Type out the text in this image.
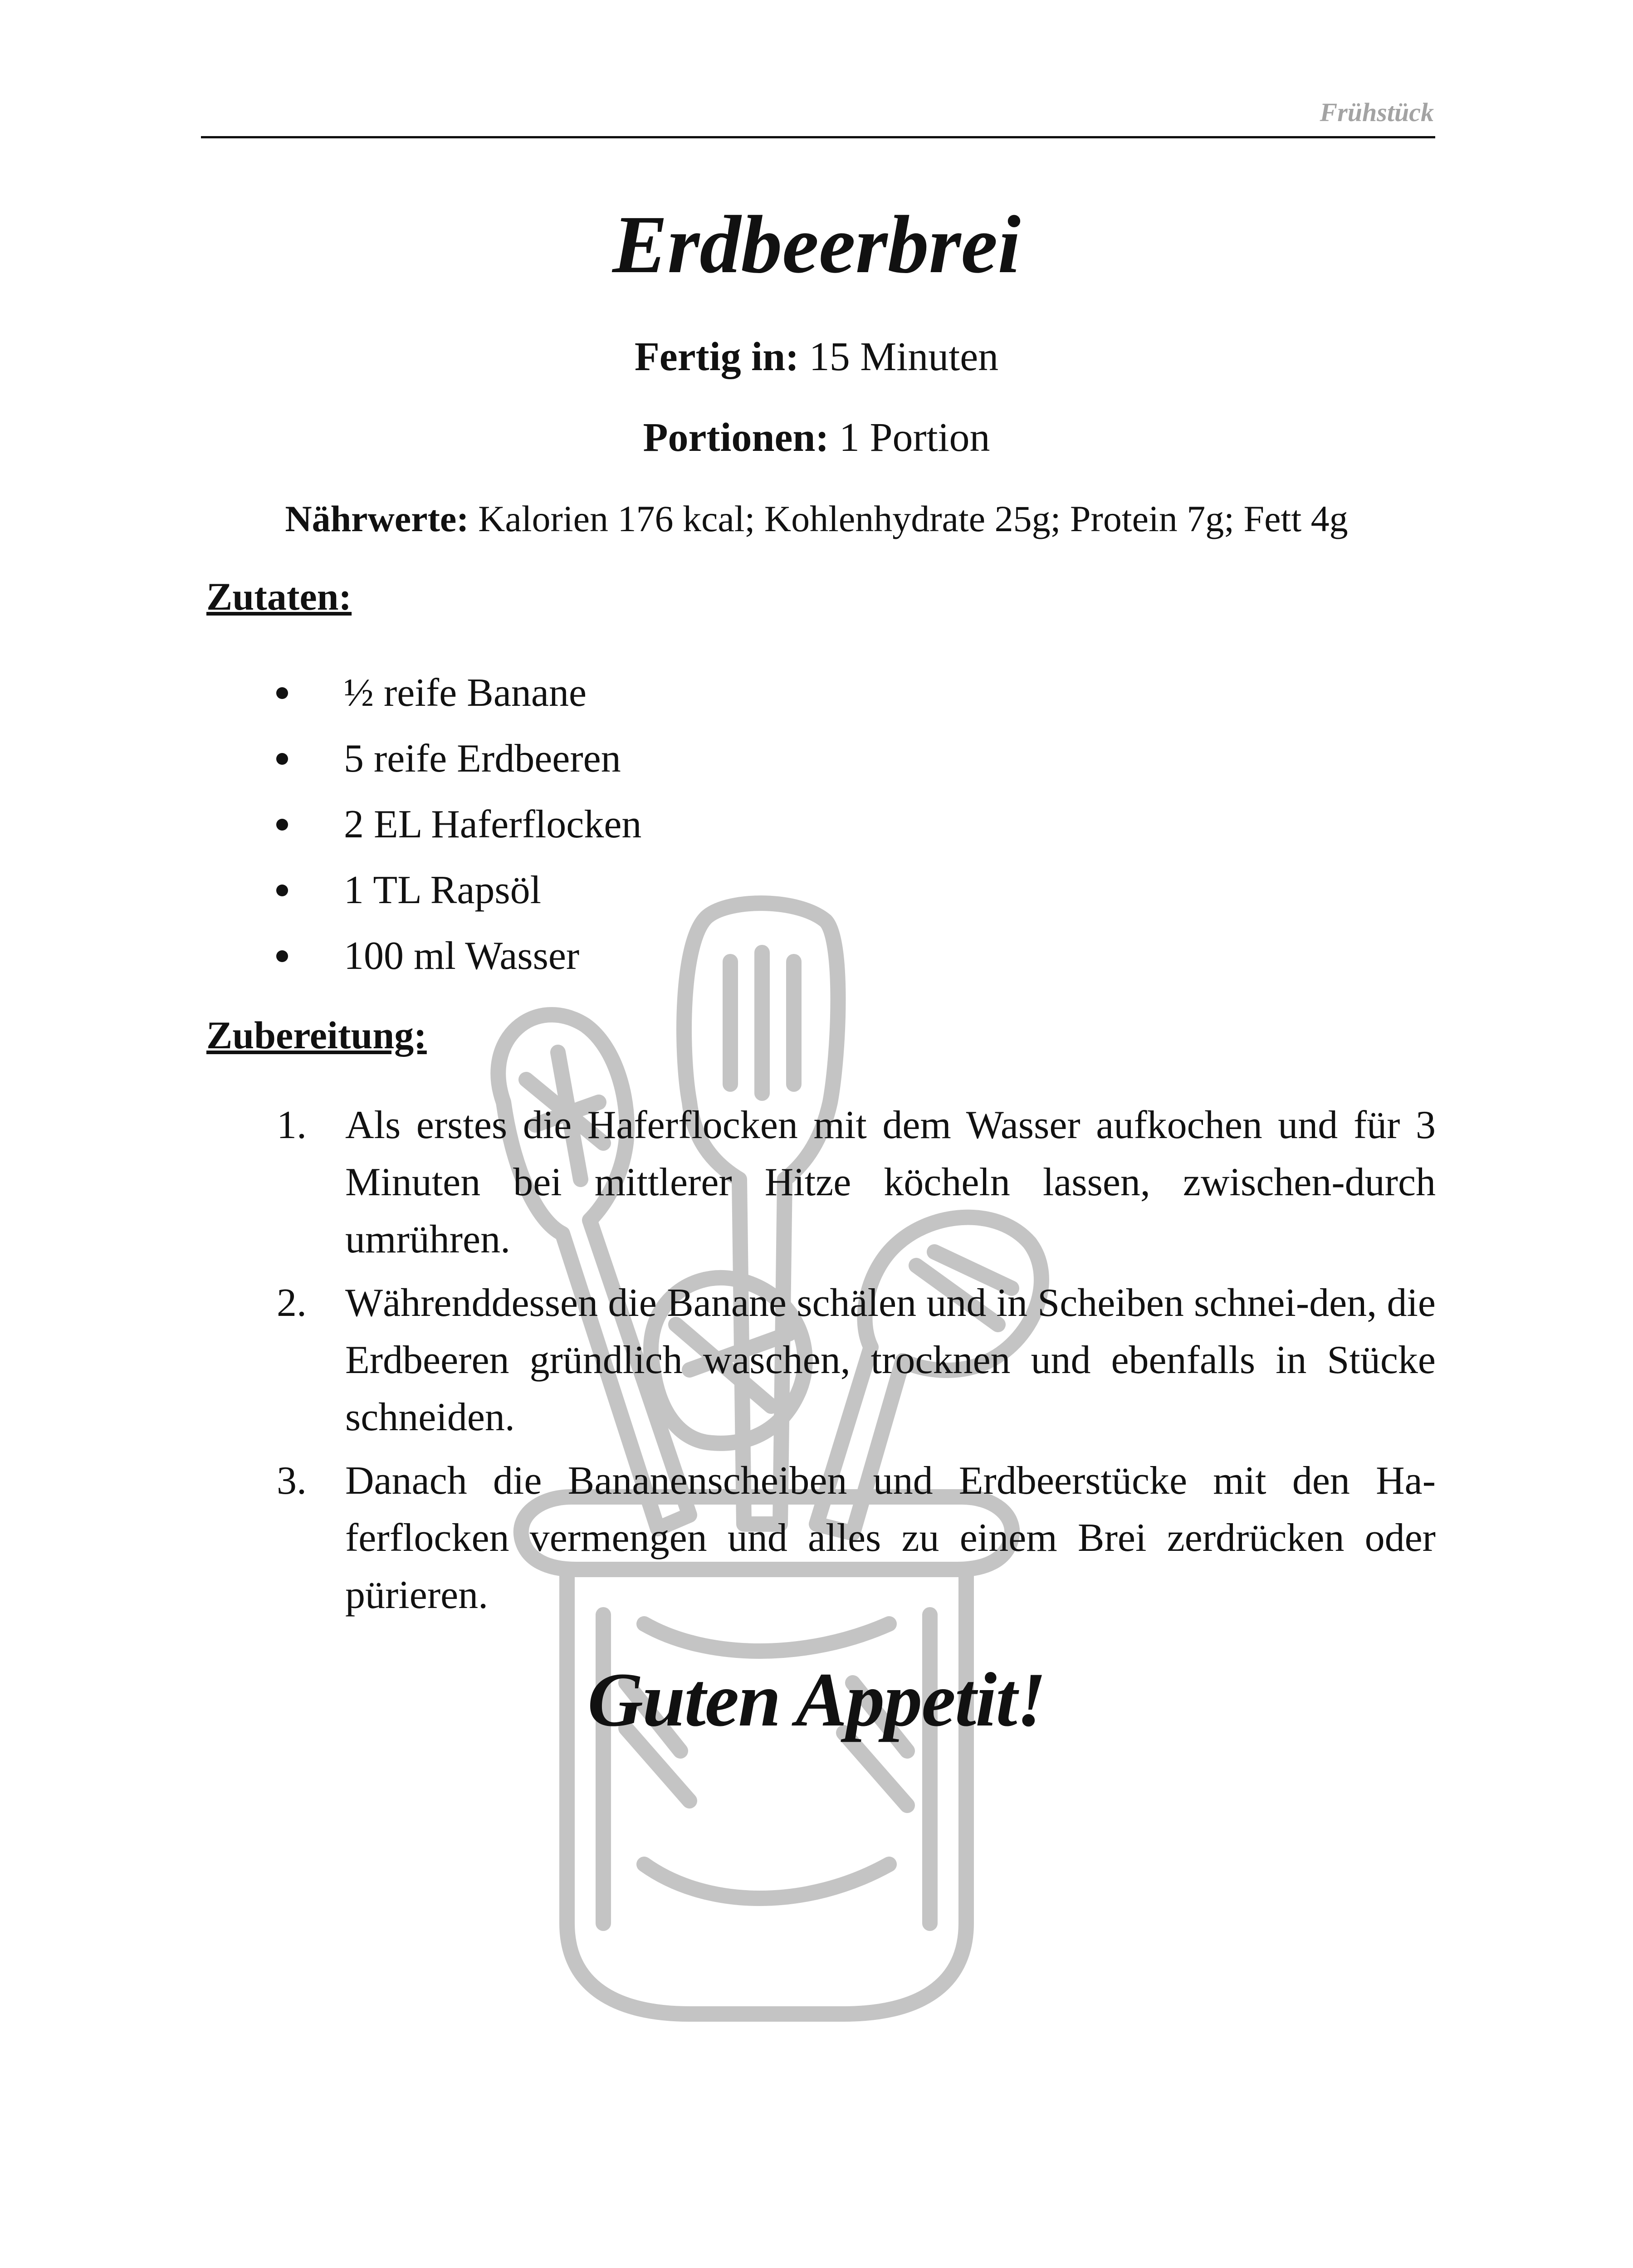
Frühstück
Erdbeerbrei
Fertig in: 15 Minuten
Portionen: 1 Portion
Nährwerte: Kalorien 176 kcal; Kohlenhydrate 25g; Protein 7g; Fett 4g
Zutaten:
½ reife Banane
5 reife Erdbeeren
2 EL Haferflocken
1 TL Rapsöl
100 ml Wasser
Zubereitung:
1. Als erstes die Haferflocken mit dem Wasser aufkochen und für 3 Minuten bei mittlerer Hitze köcheln lassen, zwischen-durch umrühren.
2. Währenddessen die Banane schälen und in Scheiben schnei-den, die Erdbeeren gründlich waschen, trocknen und ebenfalls in Stücke schneiden.
3. Danach die Bananenscheiben und Erdbeerstücke mit den Ha-ferflocken vermengen und alles zu einem Brei zerdrücken oder pürieren.
Guten Appetit!
